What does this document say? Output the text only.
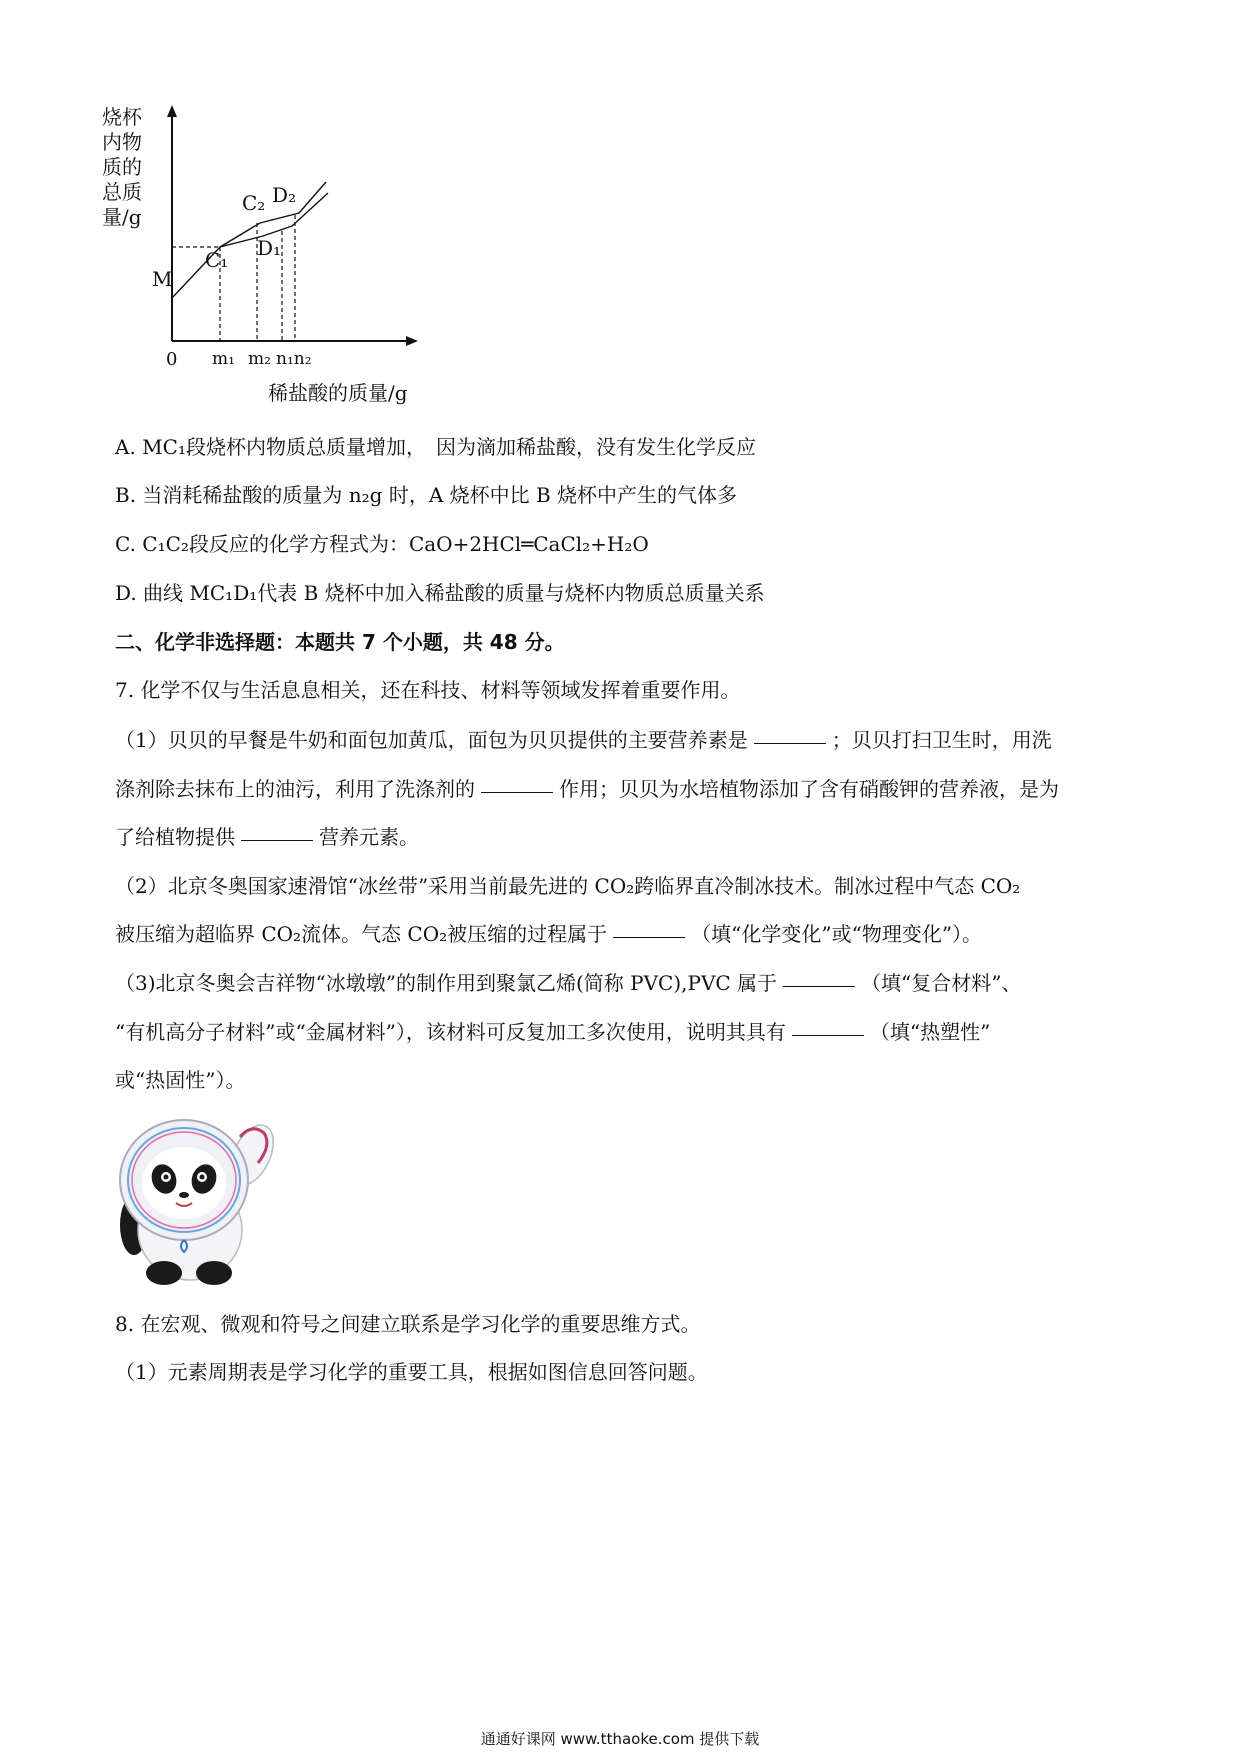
烧杯
内物
质的
总质
量/g
M
0
C₂ D₂
C₁ D₁
m₁ m₂ n₁n₂
稀盐酸的质量/g
A. MC₁段烧杯内物质总质量增加，　因为滴加稀盐酸，没有发生化学反应
B. 当消耗稀盐酸的质量为 n₂g 时，A 烧杯中比 B 烧杯中产生的气体多
C. C₁C₂段反应的化学方程式为：CaO+2HCl═CaCl₂+H₂O
D. 曲线 MC₁D₁代表 B 烧杯中加入稀盐酸的质量与烧杯内物质总质量关系
二、化学非选择题：本题共 7 个小题，共 48 分。
7. 化学不仅与生活息息相关，还在科技、材料等领域发挥着重要作用。
（1）贝贝的早餐是牛奶和面包加黄瓜，面包为贝贝提供的主要营养素是	；贝贝打扫卫生时，用洗
涤剂除去抹布上的油污，利用了洗涤剂的	作用；贝贝为水培植物添加了含有硝酸钾的营养液，是为
了给植物提供	营养元素。
（2）北京冬奥国家速滑馆“冰丝带”采用当前最先进的 CO₂跨临界直冷制冰技术。制冰过程中气态 CO₂
被压缩为超临界 CO₂流体。气态 CO₂被压缩的过程属于	（填“化学变化”或“物理变化”）。
（3)北京冬奥会吉祥物“冰墩墩”的制作用到聚氯乙烯(简称 PVC),PVC 属于	（填“复合材料”、
“有机高分子材料”或“金属材料”），该材料可反复加工多次使用，说明其具有	（填“热塑性”
或“热固性”）。
8. 在宏观、微观和符号之间建立联系是学习化学的重要思维方式。
（1）元素周期表是学习化学的重要工具，根据如图信息回答问题。
通通好课网 www.tthaoke.com 提供下载
